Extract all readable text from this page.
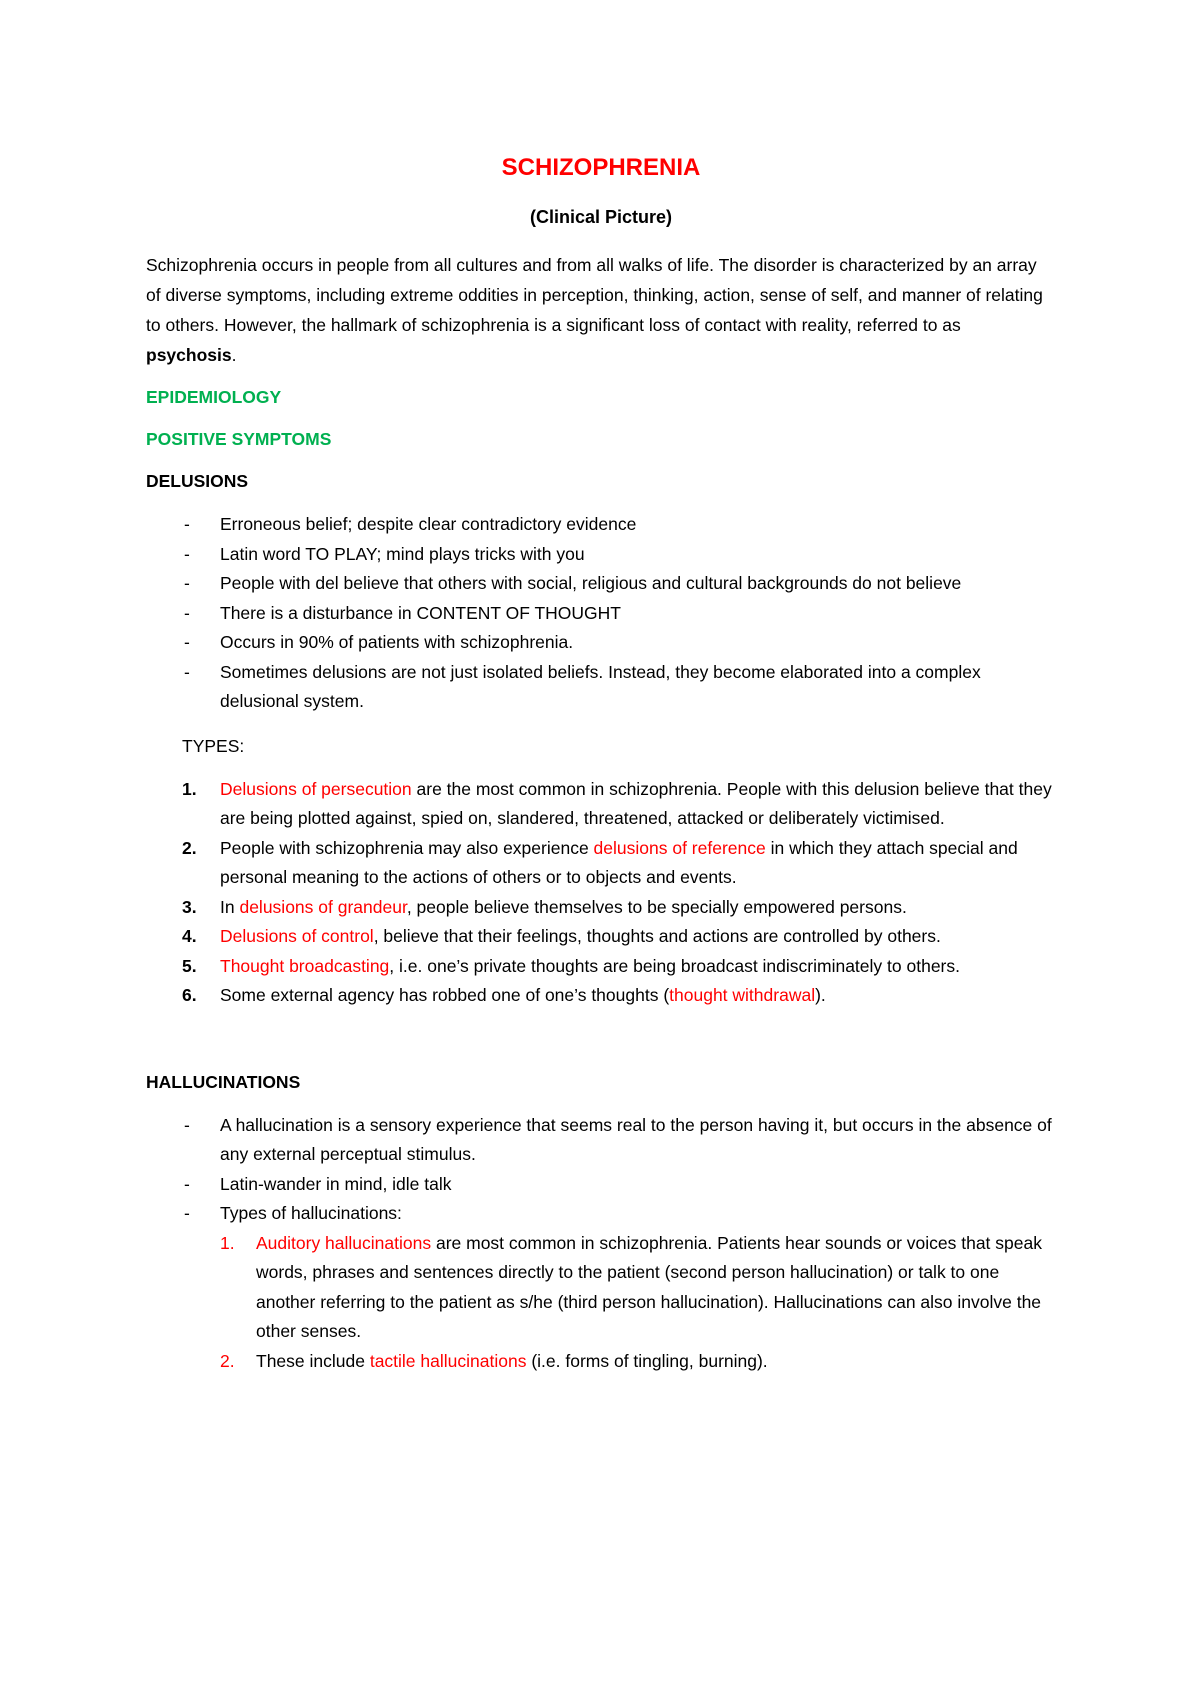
SCHIZOPHRENIA

(Clinical Picture)

Schizophrenia occurs in people from all cultures and from all walks of life. The disorder is characterized by an array of diverse symptoms, including extreme oddities in perception, thinking, action, sense of self, and manner of relating to others. However, the hallmark of schizophrenia is a significant loss of contact with reality, referred to as psychosis.

EPIDEMIOLOGY

POSITIVE SYMPTOMS

DELUSIONS

- Erroneous belief; despite clear contradictory evidence
- Latin word TO PLAY; mind plays tricks with you
- People with del believe that others with social, religious and cultural backgrounds do not believe
- There is a disturbance in CONTENT OF THOUGHT
- Occurs in 90% of patients with schizophrenia.
- Sometimes delusions are not just isolated beliefs. Instead, they become elaborated into a complex delusional system.

TYPES:

1. Delusions of persecution are the most common in schizophrenia. People with this delusion believe that they are being plotted against, spied on, slandered, threatened, attacked or deliberately victimised.
2. People with schizophrenia may also experience delusions of reference in which they attach special and personal meaning to the actions of others or to objects and events.
3. In delusions of grandeur, people believe themselves to be specially empowered persons.
4. Delusions of control, believe that their feelings, thoughts and actions are controlled by others.
5. Thought broadcasting, i.e. one’s private thoughts are being broadcast indiscriminately to others.
6. Some external agency has robbed one of one’s thoughts (thought withdrawal).

HALLUCINATIONS

- A hallucination is a sensory experience that seems real to the person having it, but occurs in the absence of any external perceptual stimulus.
- Latin-wander in mind, idle talk
- Types of hallucinations:
1. Auditory hallucinations are most common in schizophrenia. Patients hear sounds or voices that speak words, phrases and sentences directly to the patient (second person hallucination) or talk to one another referring to the patient as s/he (third person hallucination). Hallucinations can also involve the other senses.
2. These include tactile hallucinations (i.e. forms of tingling, burning).
